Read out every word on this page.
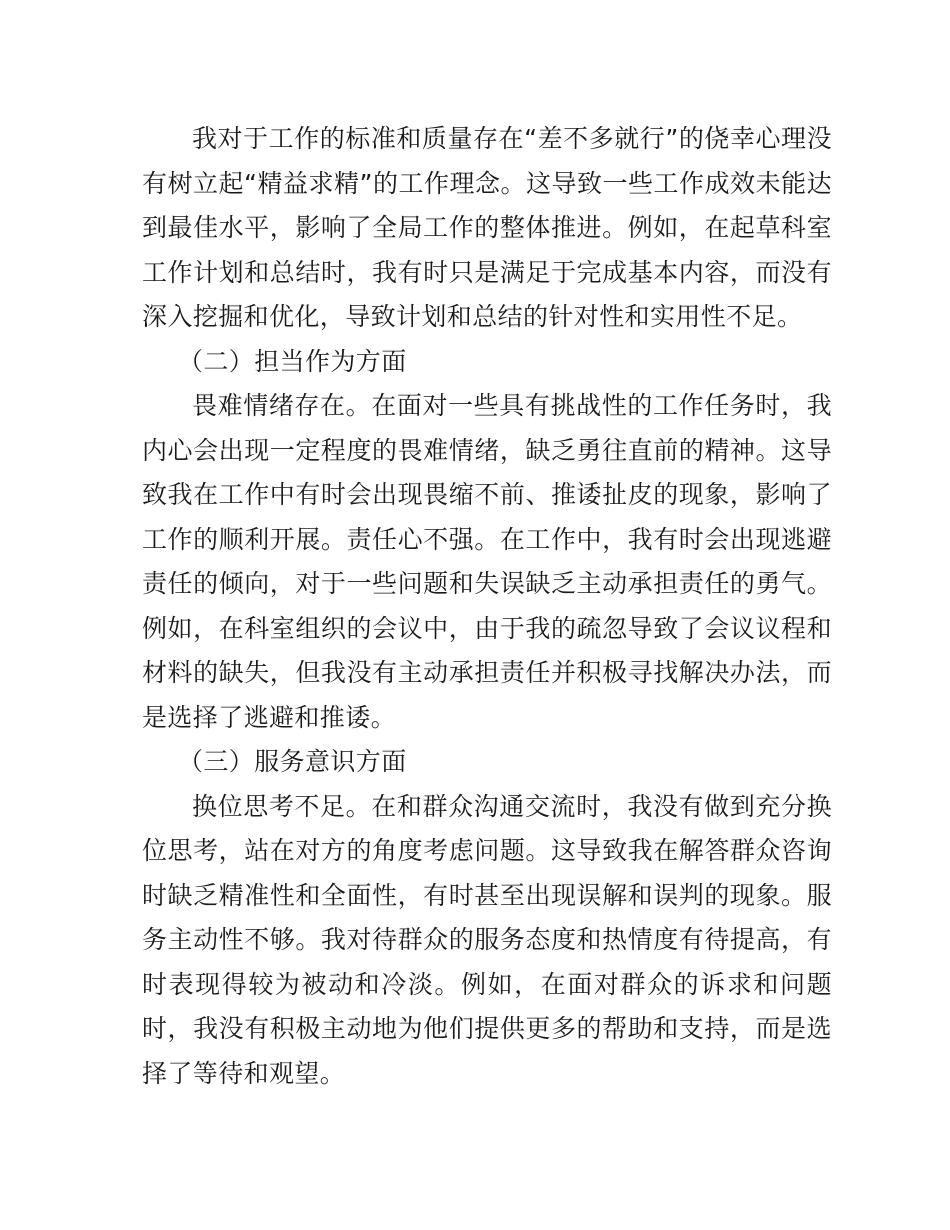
我对于工作的标准和质量存在“差不多就行”的侥幸心理没有树立起“精益求精”的工作理念。这导致一些工作成效未能达到最佳水平，影响了全局工作的整体推进。例如，在起草科室工作计划和总结时，我有时只是满足于完成基本内容，而没有深入挖掘和优化，导致计划和总结的针对性和实用性不足。

（二）担当作为方面

畏难情绪存在。在面对一些具有挑战性的工作任务时，我内心会出现一定程度的畏难情绪，缺乏勇往直前的精神。这导致我在工作中有时会出现畏缩不前、推诿扯皮的现象，影响了工作的顺利开展。责任心不强。在工作中，我有时会出现逃避责任的倾向，对于一些问题和失误缺乏主动承担责任的勇气。例如，在科室组织的会议中，由于我的疏忽导致了会议议程和材料的缺失，但我没有主动承担责任并积极寻找解决办法，而是选择了逃避和推诿。

（三）服务意识方面

换位思考不足。在和群众沟通交流时，我没有做到充分换位思考，站在对方的角度考虑问题。这导致我在解答群众咨询时缺乏精准性和全面性，有时甚至出现误解和误判的现象。服务主动性不够。我对待群众的服务态度和热情度有待提高，有时表现得较为被动和冷淡。例如，在面对群众的诉求和问题时，我没有积极主动地为他们提供更多的帮助和支持，而是选择了等待和观望。
